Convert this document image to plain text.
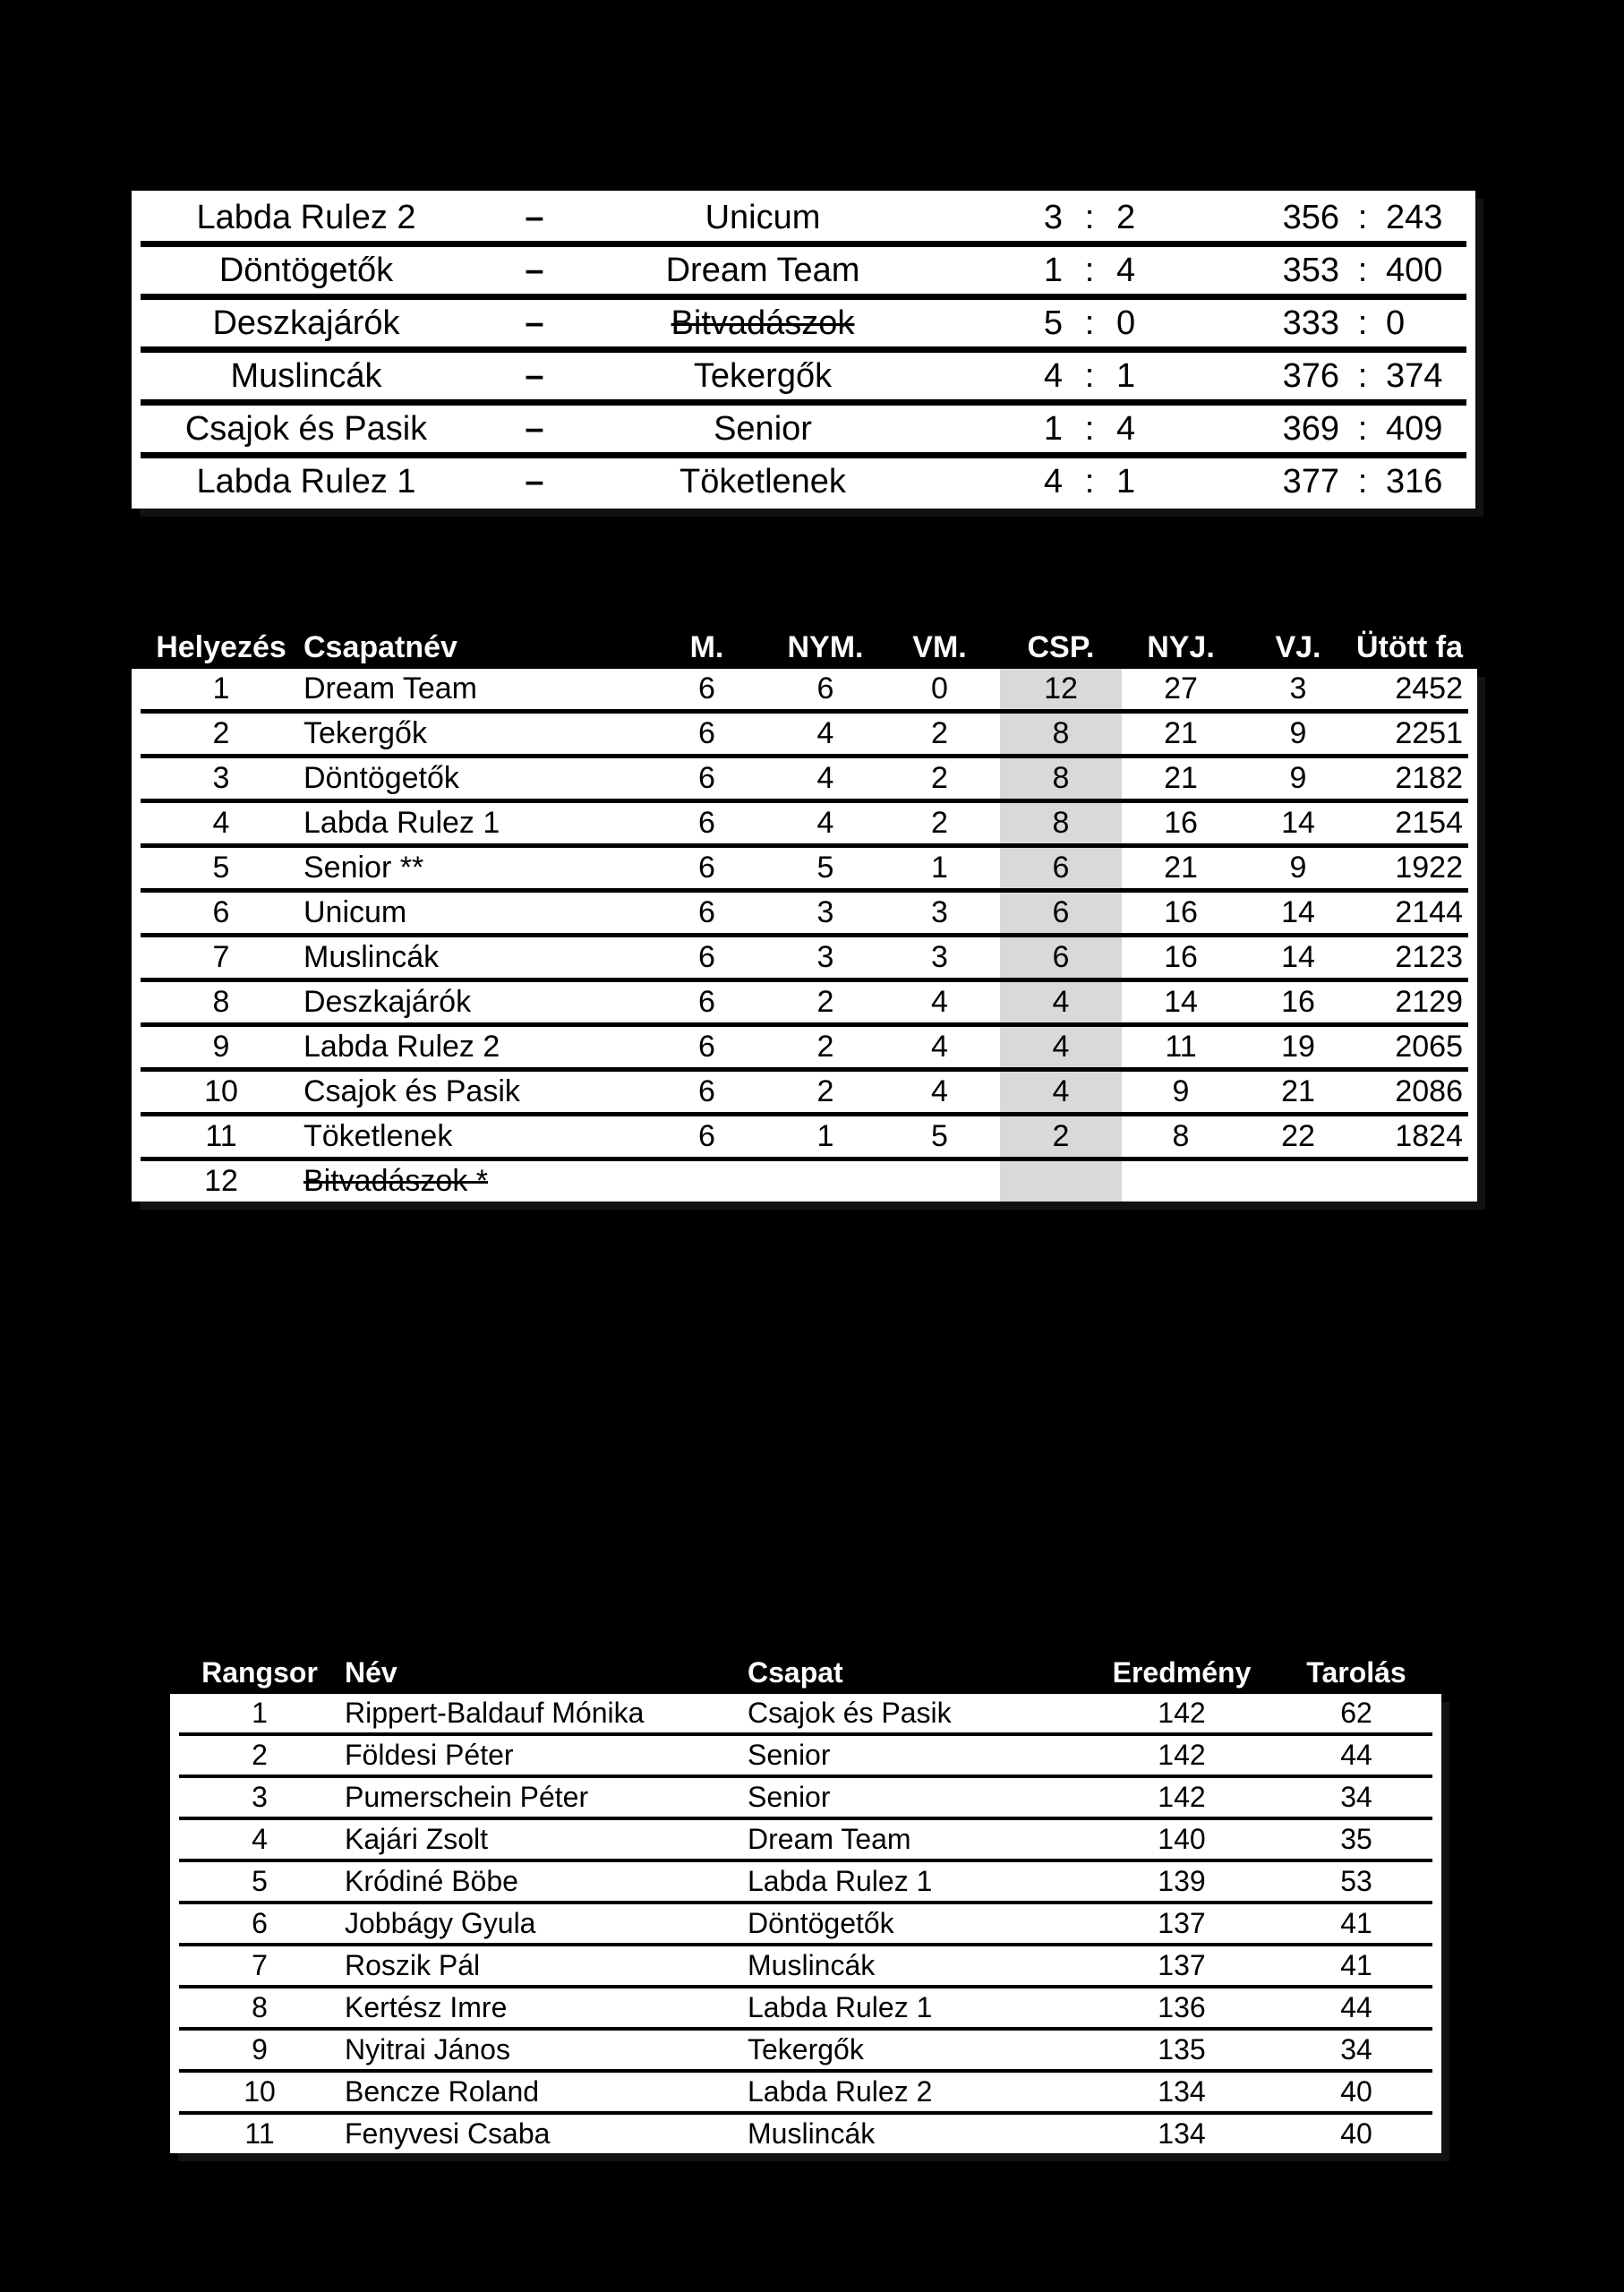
Labda Rulez 2	–	Unicum	3 : 2	356 : 243
Döntögetők	–	Dream Team	1 : 4	353 : 400
Deszkajárók	–	Bitvadászok	5 : 0	333 : 0
Muslincák	–	Tekergők	4 : 1	376 : 374
Csajok és Pasik	–	Senior	1 : 4	369 : 409
Labda Rulez 1	–	Töketlenek	4 : 1	377 : 316
Helyezés Csapatnév	M.	NYM.	VM.	CSP.	NYJ.	VJ.	Ütött fa
1	Dream Team	6	6	0	12	27	3	2452
2	Tekergők	6	4	2	8	21	9	2251
3	Döntögetők	6	4	2	8	21	9	2182
4	Labda Rulez 1	6	4	2	8	16	14	2154
5	Senior **	6	5	1	6	21	9	1922
6	Unicum	6	3	3	6	16	14	2144
7	Muslincák	6	3	3	6	16	14	2123
8	Deszkajárók	6	2	4	4	14	16	2129
9	Labda Rulez 2	6	2	4	4	11	19	2065
10	Csajok és Pasik	6	2	4	4	9	21	2086
11	Töketlenek	6	1	5	2	8	22	1824
12	Bitvadászok *
Rangsor Név	Csapat	Eredmény	Tarolás
1	Rippert-Baldauf Mónika	Csajok és Pasik	142	62
2	Földesi Péter	Senior	142	44
3	Pumerschein Péter	Senior	142	34
4	Kajári Zsolt	Dream Team	140	35
5	Kródiné Böbe	Labda Rulez 1	139	53
6	Jobbágy Gyula	Döntögetők	137	41
7	Roszik Pál	Muslincák	137	41
8	Kertész Imre	Labda Rulez 1	136	44
9	Nyitrai János	Tekergők	135	34
10	Bencze Roland	Labda Rulez 2	134	40
11	Fenyvesi Csaba	Muslincák	134	40
